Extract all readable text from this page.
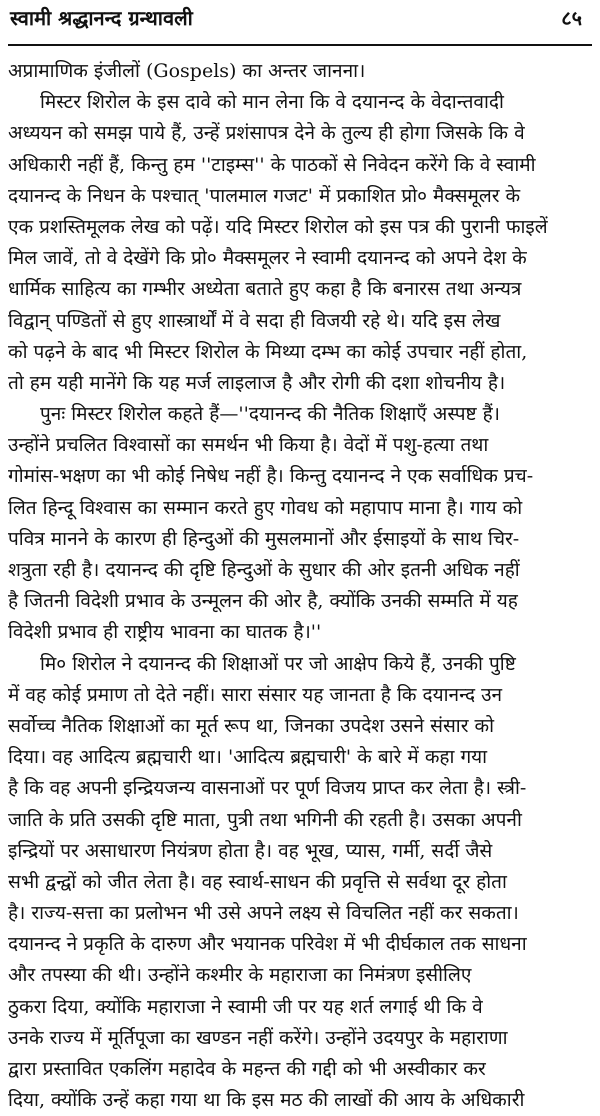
स्वामी श्रद्धानन्द ग्रन्थावली	८५
अप्रामाणिक इंजीलों (Gospels) का अन्तर जानना।
मिस्टर शिरोल के इस दावे को मान लेना कि वे दयानन्द के वेदान्तवादी
अध्ययन को समझ पाये हैं, उन्हें प्रशंसापत्र देने के तुल्य ही होगा जिसके कि वे
अधिकारी नहीं हैं, किन्तु हम ''टाइम्स'' के पाठकों से निवेदन करेंगे कि वे स्वामी
दयानन्द के निधन के पश्चात् 'पालमाल गजट' में प्रकाशित प्रो० मैक्समूलर के
एक प्रशस्तिमूलक लेख को पढ़ें। यदि मिस्टर शिरोल को इस पत्र की पुरानी फाइलें
मिल जावें, तो वे देखेंगे कि प्रो० मैक्समूलर ने स्वामी दयानन्द को अपने देश के
धार्मिक साहित्य का गम्भीर अध्येता बताते हुए कहा है कि बनारस तथा अन्यत्र
विद्वान् पण्डितों से हुए शास्त्रार्थों में वे सदा ही विजयी रहे थे। यदि इस लेख
को पढ़ने के बाद भी मिस्टर शिरोल के मिथ्या दम्भ का कोई उपचार नहीं होता,
तो हम यही मानेंगे कि यह मर्ज लाइलाज है और रोगी की दशा शोचनीय है।
पुनः मिस्टर शिरोल कहते हैं—''दयानन्द की नैतिक शिक्षाएँ अस्पष्ट हैं।
उन्होंने प्रचलित विश्वासों का समर्थन भी किया है। वेदों में पशु-हत्या तथा
गोमांस-भक्षण का भी कोई निषेध नहीं है। किन्तु दयानन्द ने एक सर्वाधिक प्रच-
लित हिन्दू विश्वास का सम्मान करते हुए गोवध को महापाप माना है। गाय को
पवित्र मानने के कारण ही हिन्दुओं की मुसलमानों और ईसाइयों के साथ चिर-
शत्रुता रही है। दयानन्द की दृष्टि हिन्दुओं के सुधार की ओर इतनी अधिक नहीं
है जितनी विदेशी प्रभाव के उन्मूलन की ओर है, क्योंकि उनकी सम्मति में यह
विदेशी प्रभाव ही राष्ट्रीय भावना का घातक है।''
मि० शिरोल ने दयानन्द की शिक्षाओं पर जो आक्षेप किये हैं, उनकी पुष्टि
में वह कोई प्रमाण तो देते नहीं। सारा संसार यह जानता है कि दयानन्द उन
सर्वोच्च नैतिक शिक्षाओं का मूर्त रूप था, जिनका उपदेश उसने संसार को
दिया। वह आदित्य ब्रह्मचारी था। 'आदित्य ब्रह्मचारी' के बारे में कहा गया
है कि वह अपनी इन्द्रियजन्य वासनाओं पर पूर्ण विजय प्राप्त कर लेता है। स्त्री-
जाति के प्रति उसकी दृष्टि माता, पुत्री तथा भगिनी की रहती है। उसका अपनी
इन्द्रियों पर असाधारण नियंत्रण होता है। वह भूख, प्यास, गर्मी, सर्दी जैसे
सभी द्वन्द्वों को जीत लेता है। वह स्वार्थ-साधन की प्रवृत्ति से सर्वथा दूर होता
है। राज्य-सत्ता का प्रलोभन भी उसे अपने लक्ष्य से विचलित नहीं कर सकता।
दयानन्द ने प्रकृति के दारुण और भयानक परिवेश में भी दीर्घकाल तक साधना
और तपस्या की थी। उन्होंने कश्मीर के महाराजा का निमंत्रण इसीलिए
ठुकरा दिया, क्योंकि महाराजा ने स्वामी जी पर यह शर्त लगाई थी कि वे
उनके राज्य में मूर्तिपूजा का खण्डन नहीं करेंगे। उन्होंने उदयपुर के महाराणा
द्वारा प्रस्तावित एकलिंग महादेव के महन्त की गद्दी को भी अस्वीकार कर
दिया, क्योंकि उन्हें कहा गया था कि इस मठ की लाखों की आय के अधिकारी
